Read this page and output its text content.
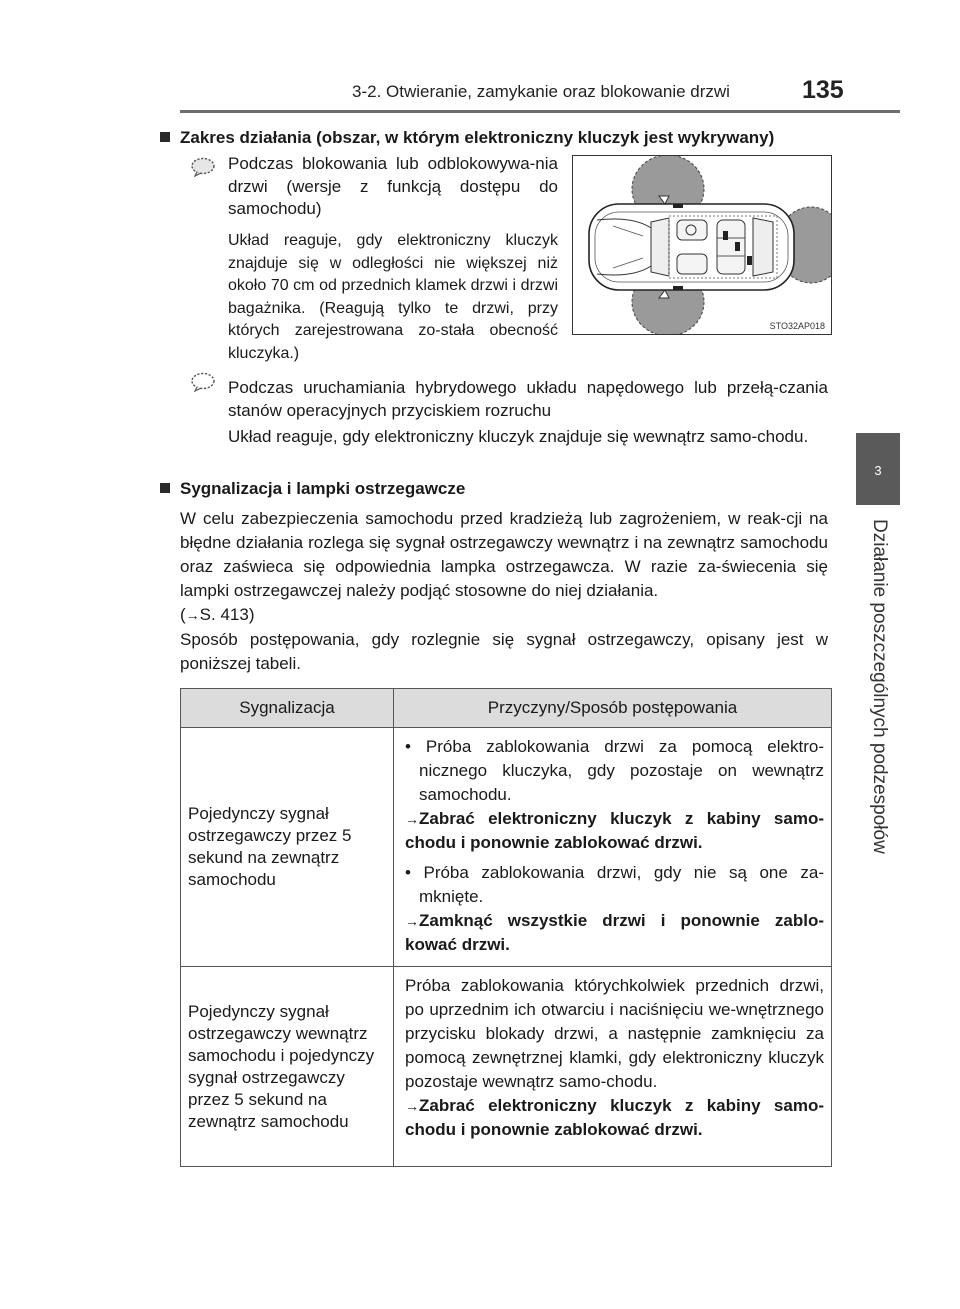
3-2. Otwieranie, zamykanie oraz blokowanie drzwi	135
3
Działanie poszczególnych podzespołów
Zakres działania (obszar, w którym elektroniczny kluczyk jest wykrywany)
Podczas blokowania lub odblokowywa-nia drzwi (wersje z funkcją dostępu do samochodu)
Układ reaguje, gdy elektroniczny kluczyk znajduje się w odległości nie większej niż około 70 cm od przednich klamek drzwi i drzwi bagażnika. (Reagują tylko te drzwi, przy których zarejestrowana zo-stała obecność kluczyka.)
STO32AP018
Podczas uruchamiania hybrydowego układu napędowego lub przełą-czania stanów operacyjnych przyciskiem rozruchu
Układ reaguje, gdy elektroniczny kluczyk znajduje się wewnątrz samo-chodu.
Sygnalizacja i lampki ostrzegawcze
W celu zabezpieczenia samochodu przed kradzieżą lub zagrożeniem, w reak-cji na błędne działania rozlega się sygnał ostrzegawczy wewnątrz i na zewnątrz samochodu oraz zaświeca się odpowiednia lampka ostrzegawcza. W razie za-świecenia się lampki ostrzegawczej należy podjąć stosowne do niej działania.
(→S. 413)
Sposób postępowania, gdy rozlegnie się sygnał ostrzegawczy, opisany jest w poniższej tabeli.
Sygnalizacja	Przyczyny/Sposób postępowania

Pojedynczy sygnał ostrzegawczy przez 5 sekund na zewnątrz samochodu	• Próba zablokowania drzwi za pomocą elektro-nicznego kluczyka, gdy pozostaje on wewnątrz samochodu.
→Zabrać elektroniczny kluczyk z kabiny samo-chodu i ponownie zablokować drzwi.
• Próba zablokowania drzwi, gdy nie są one za-mknięte.
→Zamknąć wszystkie drzwi i ponownie zablo-kować drzwi.

Pojedynczy sygnał ostrzegawczy wewnątrz samochodu i pojedynczy sygnał ostrzegawczy przez 5 sekund na zewnątrz samochodu	Próba zablokowania którychkolwiek przednich drzwi, po uprzednim ich otwarciu i naciśnięciu we-wnętrznego przycisku blokady drzwi, a następnie zamknięciu za pomocą zewnętrznej klamki, gdy elektroniczny kluczyk pozostaje wewnątrz samo-chodu.
→Zabrać elektroniczny kluczyk z kabiny samo-chodu i ponownie zablokować drzwi.
